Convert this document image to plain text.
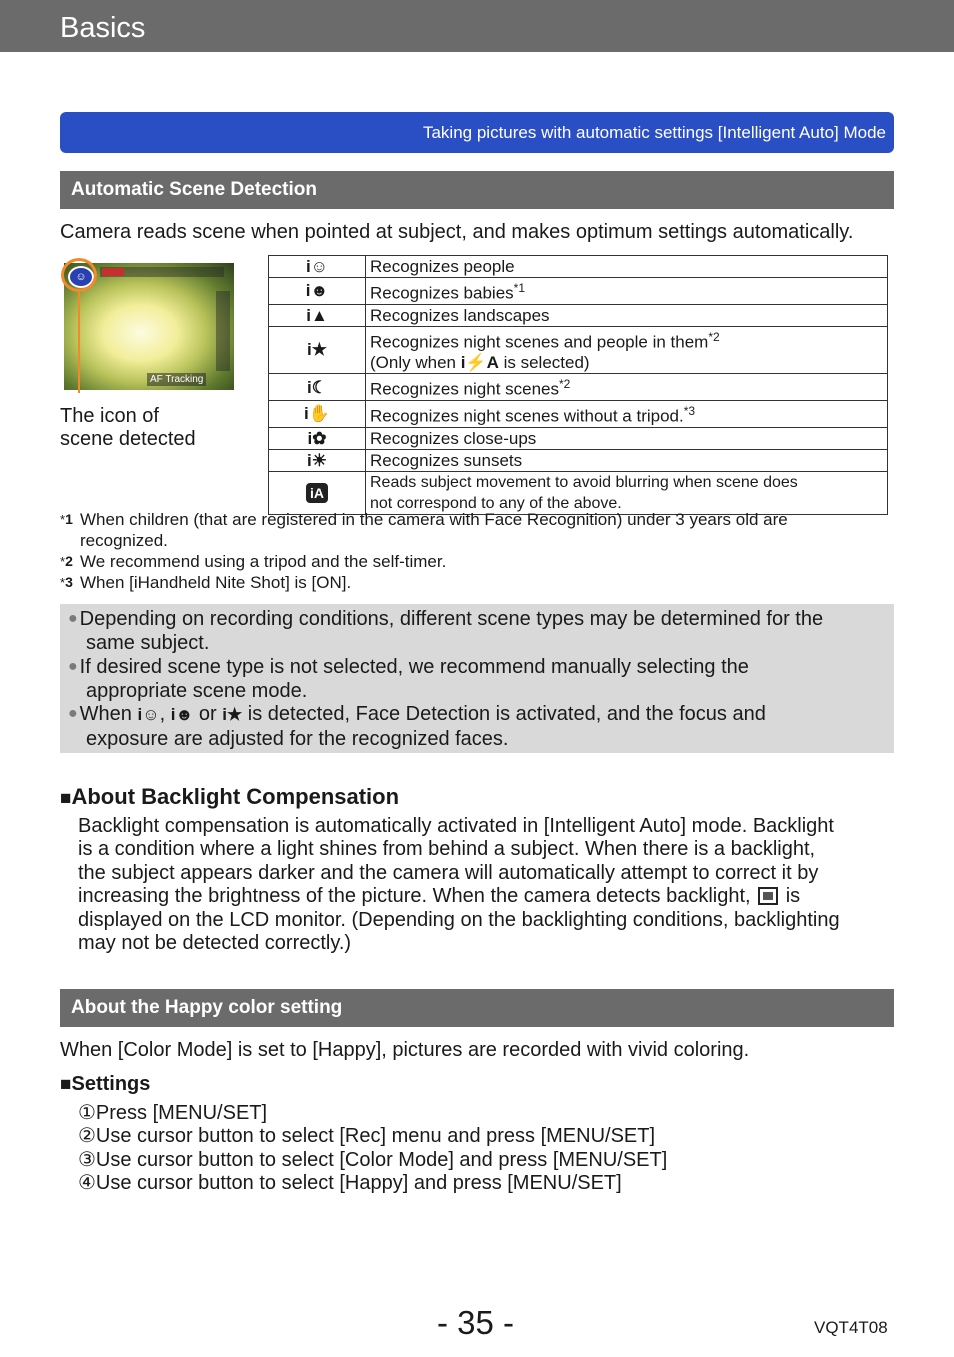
Basics
Taking pictures with automatic settings [Intelligent Auto] Mode
Automatic Scene Detection
Camera reads scene when pointed at subject, and makes optimum settings automatically.
☺
AF Tracking
The icon of
scene detected
i☺	Recognizes people
i☻	Recognizes babies$^{*1}$
i▲	Recognizes landscapes
i★	Recognizes night scenes and people in them$^{*2}$
(Only when i⚡A is selected)
i☾	Recognizes night scenes$^{*2}$
i✋	Recognizes night scenes without a tripod.$^{*3}$
i✿	Recognizes close-ups
i☀	Recognizes sunsets
iA	Reads subject movement to avoid blurring when scene does
not correspond to any of the above.
*1 When children (that are registered in the camera with Face Recognition) under 3 years old are
recognized.
*2 We recommend using a tripod and the self-timer.
*3 When [iHandheld Nite Shot] is [ON].
● Depending on recording conditions, different scene types may be determined for the
same subject.
● If desired scene type is not selected, we recommend manually selecting the
appropriate scene mode.
● When i☺, i☻ or i★ is detected, Face Detection is activated, and the focus and
exposure are adjusted for the recognized faces.
■About Backlight Compensation
Backlight compensation is automatically activated in [Intelligent Auto] mode. Backlight
is a condition where a light shines from behind a subject. When there is a backlight,
the subject appears darker and the camera will automatically attempt to correct it by
increasing the brightness of the picture. When the camera detects backlight,  is
displayed on the LCD monitor. (Depending on the backlighting conditions, backlighting
may not be detected correctly.)
About the Happy color setting
When [Color Mode] is set to [Happy], pictures are recorded with vivid coloring.
■Settings
①Press [MENU/SET]
②Use cursor button to select [Rec] menu and press [MENU/SET]
③Use cursor button to select [Color Mode] and press [MENU/SET]
④Use cursor button to select [Happy] and press [MENU/SET]
- 35 -	VQT4T08
